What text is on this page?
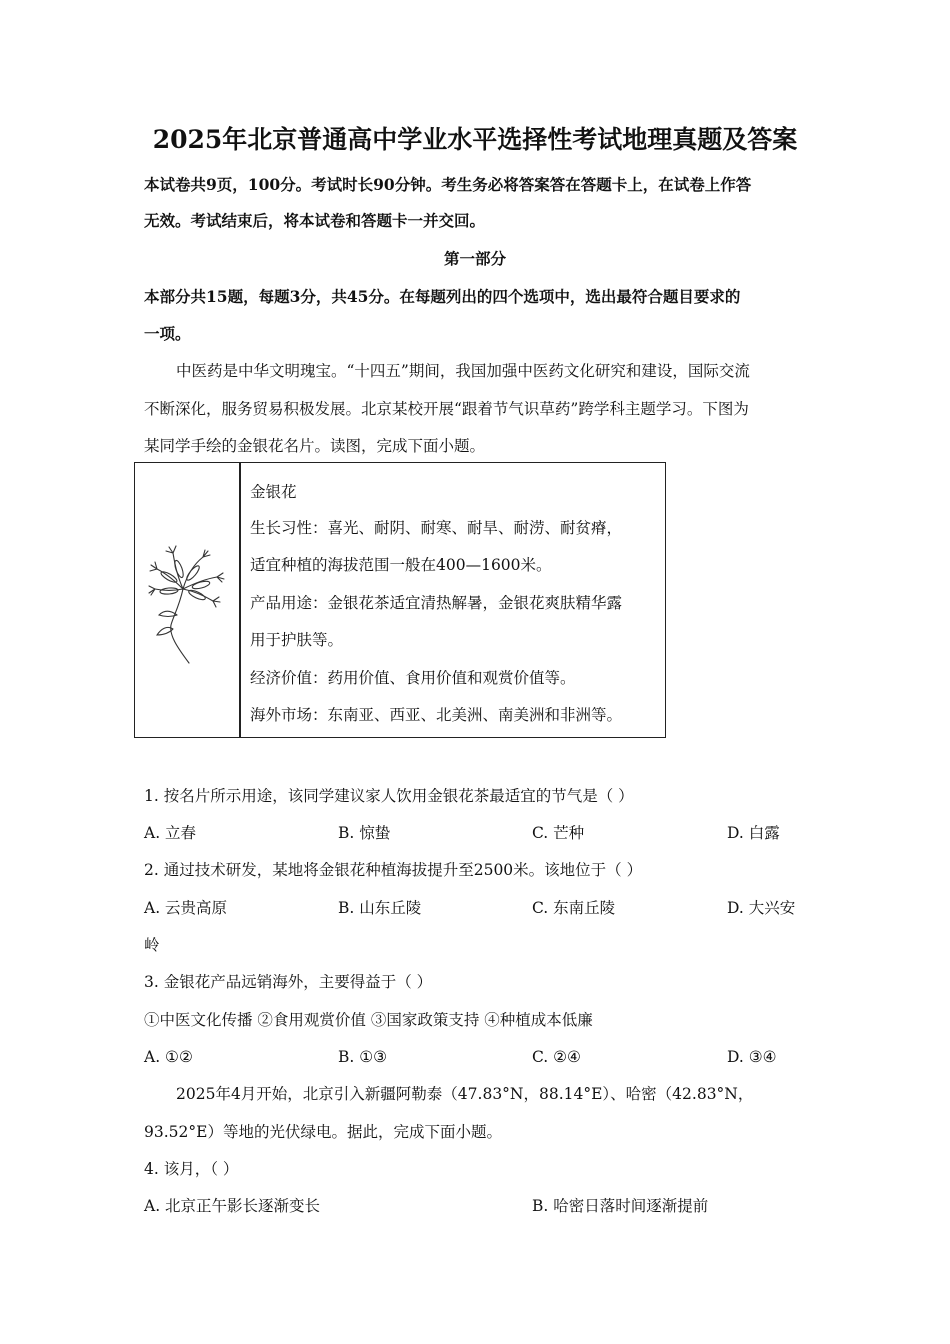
2025年北京普通高中学业水平选择性考试地理真题及答案
本试卷共9页，100分。考试时长90分钟。考生务必将答案答在答题卡上，在试卷上作答
无效。考试结束后，将本试卷和答题卡一并交回。
第一部分
本部分共15题，每题3分，共45分。在每题列出的四个选项中，选出最符合题目要求的
一项。
中医药是中华文明瑰宝。“十四五”期间，我国加强中医药文化研究和建设，国际交流
不断深化，服务贸易积极发展。北京某校开展“跟着节气识草药”跨学科主题学习。下图为
某同学手绘的金银花名片。读图，完成下面小题。
金银花
生长习性：喜光、耐阴、耐寒、耐旱、耐涝、耐贫瘠，
适宜种植的海拔范围一般在400—1600米。
产品用途：金银花茶适宜清热解暑，金银花爽肤精华露
用于护肤等。
经济价值：药用价值、食用价值和观赏价值等。
海外市场：东南亚、西亚、北美洲、南美洲和非洲等。
1. 按名片所示用途，该同学建议家人饮用金银花茶最适宜的节气是（ ）
A. 立春	B. 惊蛰	C. 芒种	D. 白露
2. 通过技术研发，某地将金银花种植海拔提升至2500米。该地位于（ ）
A. 云贵高原	B. 山东丘陵	C. 东南丘陵	D. 大兴安
岭
3. 金银花产品远销海外，主要得益于（ ）
①中医文化传播 ②食用观赏价值 ③国家政策支持 ④种植成本低廉
A. ①②	B. ①③	C. ②④	D. ③④
2025年4月开始，北京引入新疆阿勒泰（47.83°N，88.14°E）、哈密（42.83°N，
93.52°E）等地的光伏绿电。据此，完成下面小题。
4. 该月，（ ）
A. 北京正午影长逐渐变长	B. 哈密日落时间逐渐提前
